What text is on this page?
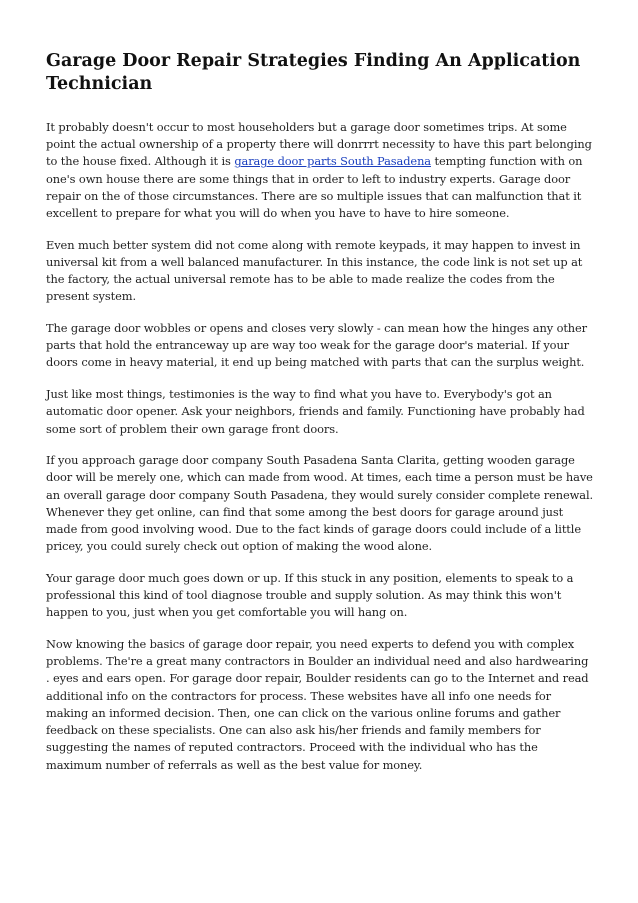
Garage Door Repair Strategies Finding An Application Technician

It probably doesn't occur to most householders but a garage door sometimes trips. At some point the actual ownership of a property there will donrrrt necessity to have this part belonging to the house fixed. Although it is garage door parts South Pasadena tempting function with on one's own house there are some things that in order to left to industry experts. Garage door repair on the of those circumstances. There are so multiple issues that can malfunction that it excellent to prepare for what you will do when you have to have to hire someone.

Even much better system did not come along with remote keypads, it may happen to invest in universal kit from a well balanced manufacturer. In this instance, the code link is not set up at the factory, the actual universal remote has to be able to made realize the codes from the present system.

The garage door wobbles or opens and closes very slowly - can mean how the hinges any other parts that hold the entranceway up are way too weak for the garage door's material. If your doors come in heavy material, it end up being matched with parts that can the surplus weight.

Just like most things, testimonies is the way to find what you have to. Everybody's got an automatic door opener. Ask your neighbors, friends and family. Functioning have probably had some sort of problem their own garage front doors.

If you approach garage door company South Pasadena Santa Clarita, getting wooden garage door will be merely one, which can made from wood. At times, each time a person must be have an overall garage door company South Pasadena, they would surely consider complete renewal. Whenever they get online, can find that some among the best doors for garage around just made from good involving wood. Due to the fact kinds of garage doors could include of a little pricey, you could surely check out option of making the wood alone.

Your garage door much goes down or up. If this stuck in any position, elements to speak to a professional this kind of tool diagnose trouble and supply solution. As may think this won't happen to you, just when you get comfortable you will hang on.

Now knowing the basics of garage door repair, you need experts to defend you with complex problems. The're a great many contractors in Boulder an individual need and also hardwearing . eyes and ears open. For garage door repair, Boulder residents can go to the Internet and read additional info on the contractors for process. These websites have all info one needs for making an informed decision. Then, one can click on the various online forums and gather feedback on these specialists. One can also ask his/her friends and family members for suggesting the names of reputed contractors. Proceed with the individual who has the maximum number of referrals as well as the best value for money.
